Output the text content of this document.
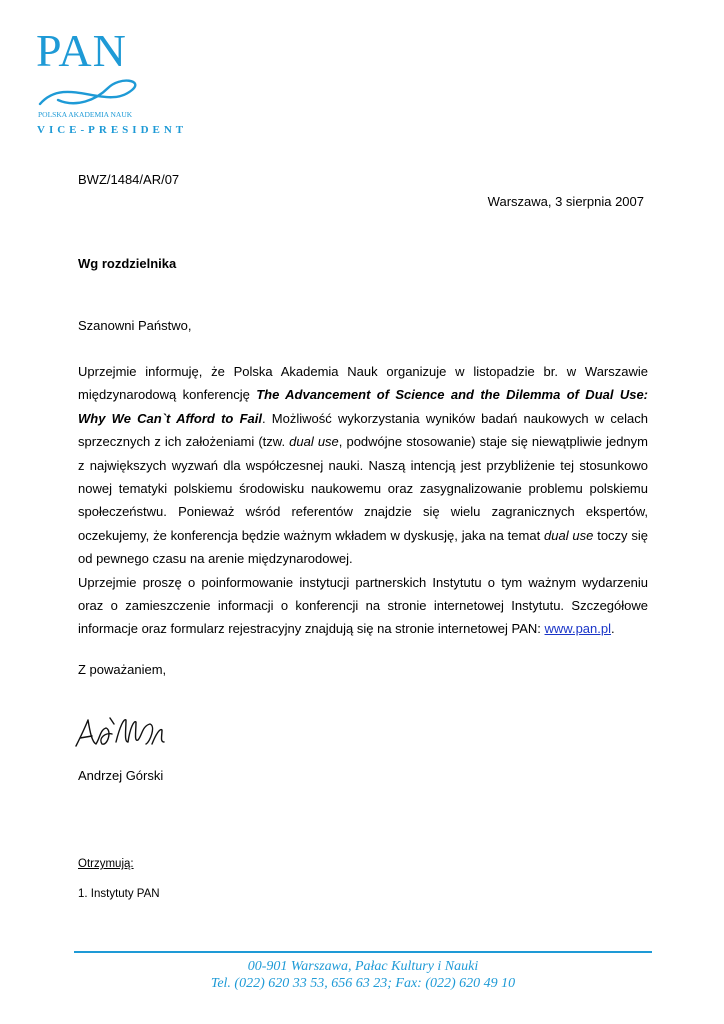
PAN
POLSKA AKADEMIA NAUK
VICE-PRESIDENT
BWZ/1484/AR/07
Warszawa, 3 sierpnia 2007
Wg rozdzielnika
Szanowni Państwo,

Uprzejmie informuję, że Polska Akademia Nauk organizuje w listopadzie br. w Warszawie międzynarodową konferencję The Advancement of Science and the Dilemma of Dual Use: Why We Can`t Afford to Fail. Możliwość wykorzystania wyników badań naukowych w celach sprzecznych z ich założeniami (tzw. dual use, podwójne stosowanie) staje się niewątpliwie jednym z największych wyzwań dla współczesnej nauki. Naszą intencją jest przybliżenie tej stosunkowo nowej tematyki polskiemu środowisku naukowemu oraz zasygnalizowanie problemu polskiemu społeczeństwu. Ponieważ wśród referentów znajdzie się wielu zagranicznych ekspertów, oczekujemy, że konferencja będzie ważnym wkładem w dyskusję, jaka na temat dual use toczy się od pewnego czasu na arenie międzynarodowej.

Uprzejmie proszę o poinformowanie instytucji partnerskich Instytutu o tym ważnym wydarzeniu oraz o zamieszczenie informacji o konferencji na stronie internetowej Instytutu. Szczegółowe informacje oraz formularz rejestracyjny znajdują się na stronie internetowej PAN: www.pan.pl.

Z poważaniem,
Andrzej Górski
Otrzymują:
1. Instytuty PAN
00-901 Warszawa, Pałac Kultury i Nauki
Tel. (022) 620 33 53, 656 63 23; Fax: (022) 620 49 10
